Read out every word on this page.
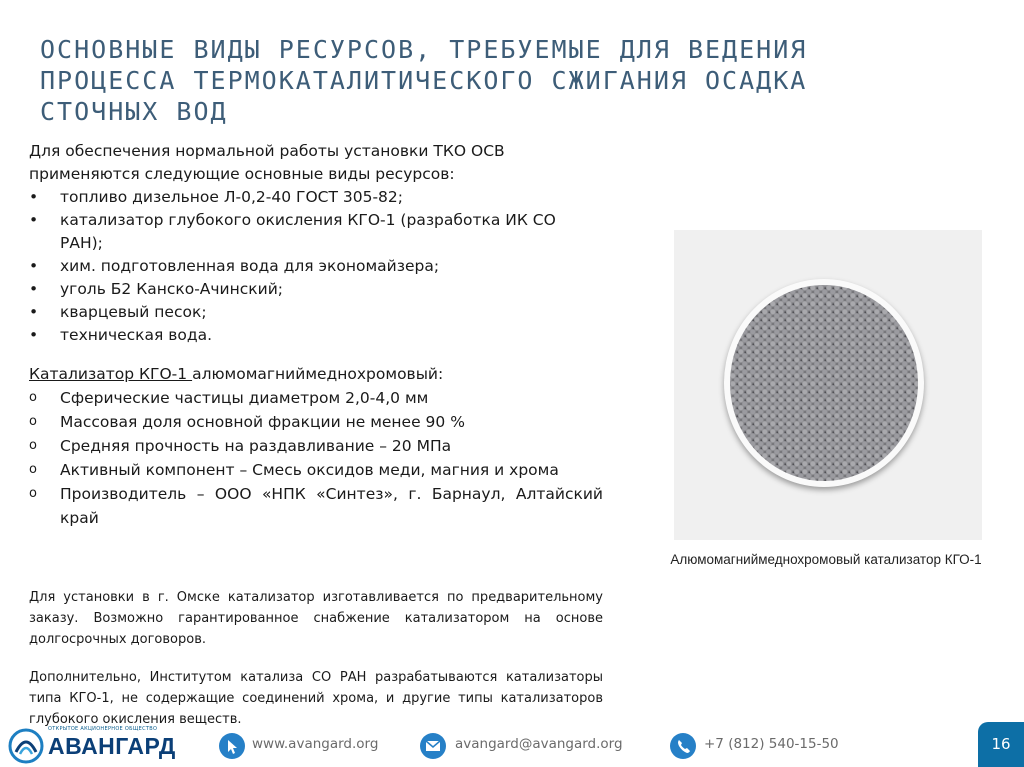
ОСНОВНЫЕ ВИДЫ РЕСУРСОВ, ТРЕБУЕМЫЕ ДЛЯ ВЕДЕНИЯ
ПРОЦЕССА ТЕРМОКАТАЛИТИЧЕСКОГО СЖИГАНИЯ ОСАДКА
СТОЧНЫХ ВОД

Для обеспечения нормальной работы установки ТКО ОСВ
применяются следующие основные виды ресурсов:

• топливо дизельное Л-0,2-40 ГОСТ 305-82;
• катализатор глубокого окисления КГО-1 (разработка ИК СО РАН);
• хим. подготовленная вода для экономайзера;
• уголь Б2 Канско-Ачинский;
• кварцевый песок;
• техническая вода.

Катализатор КГО-1 алюмомагниймеднохромовый:

o Сферические частицы диаметром 2,0-4,0 мм
o Массовая доля основной фракции не менее 90 %
o Средняя прочность на раздавливание – 20 МПа
o Активный компонент – Смесь оксидов меди, магния и хрома
o Производитель – ООО «НПК «Синтез», г. Барнаул, Алтайский край

Для установки в г. Омске катализатор изготавливается по предварительному заказу. Возможно гарантированное снабжение катализатором на основе долгосрочных договоров.

Дополнительно, Институтом катализа СО РАН разрабатываются катализаторы типа КГО-1, не содержащие соединений хрома, и другие типы катализаторов глубокого окисления веществ.

Алюмомагниймеднохромовый катализатор КГО-1
ОТКРЫТОЕ АКЦИОНЕРНОЕ ОБЩЕСТВО
АВАНГАРД	www.avangard.org	avangard@avangard.org	+7 (812) 540-15-50	16
